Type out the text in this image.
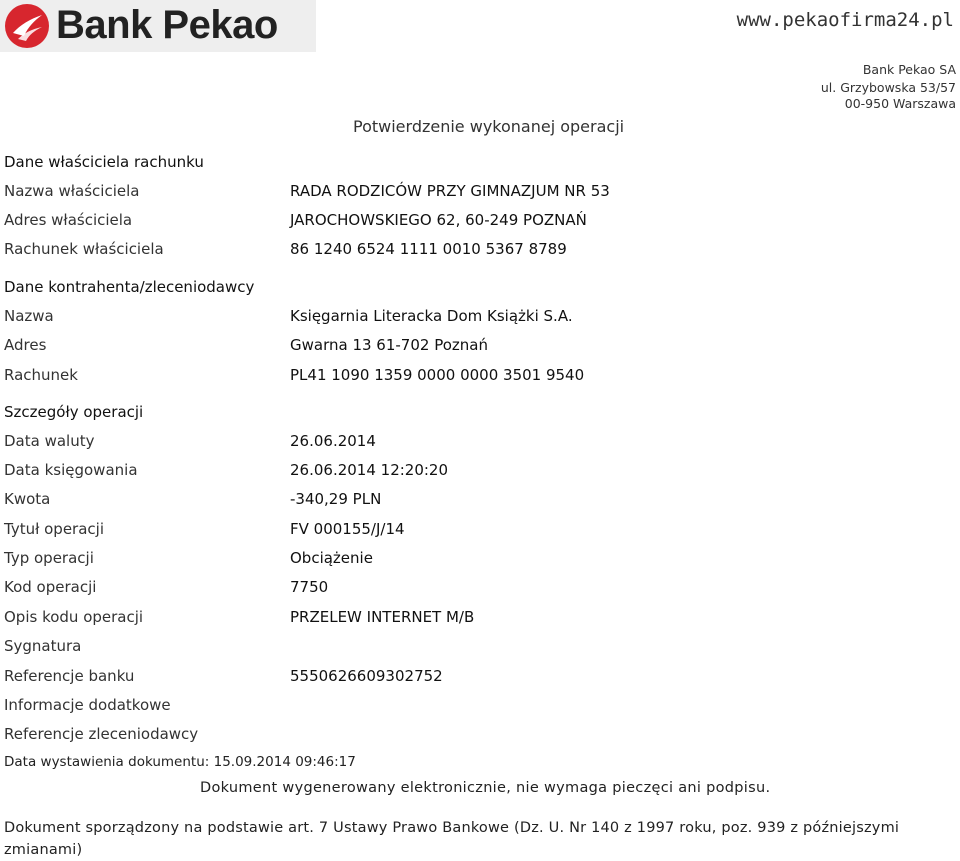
Bank Pekao	www.pekaofirma24.pl
Bank Pekao SA
ul. Grzybowska 53/57
00-950 Warszawa
Potwierdzenie wykonanej operacji
Dane właściciela rachunku
Nazwa właściciela	RADA RODZICÓW PRZY GIMNAZJUM NR 53
Adres właściciela	JAROCHOWSKIEGO 62, 60-249 POZNAŃ
Rachunek właściciela	86 1240 6524 1111 0010 5367 8789
Dane kontrahenta/zleceniodawcy
Nazwa	Księgarnia Literacka Dom Książki S.A.
Adres	Gwarna 13 61-702 Poznań
Rachunek	PL41 1090 1359 0000 0000 3501 9540
Szczegóły operacji
Data waluty	26.06.2014
Data księgowania	26.06.2014 12:20:20
Kwota	-340,29 PLN
Tytuł operacji	FV 000155/J/14
Typ operacji	Obciążenie
Kod operacji	7750
Opis kodu operacji	PRZELEW INTERNET M/B
Sygnatura
Referencje banku	5550626609302752
Informacje dodatkowe
Referencje zleceniodawcy
Data wystawienia dokumentu: 15.09.2014 09:46:17
Dokument wygenerowany elektronicznie, nie wymaga pieczęci ani podpisu.
Dokument sporządzony na podstawie art. 7 Ustawy Prawo Bankowe (Dz. U. Nr 140 z 1997 roku, poz. 939 z późniejszymi zmianami)
